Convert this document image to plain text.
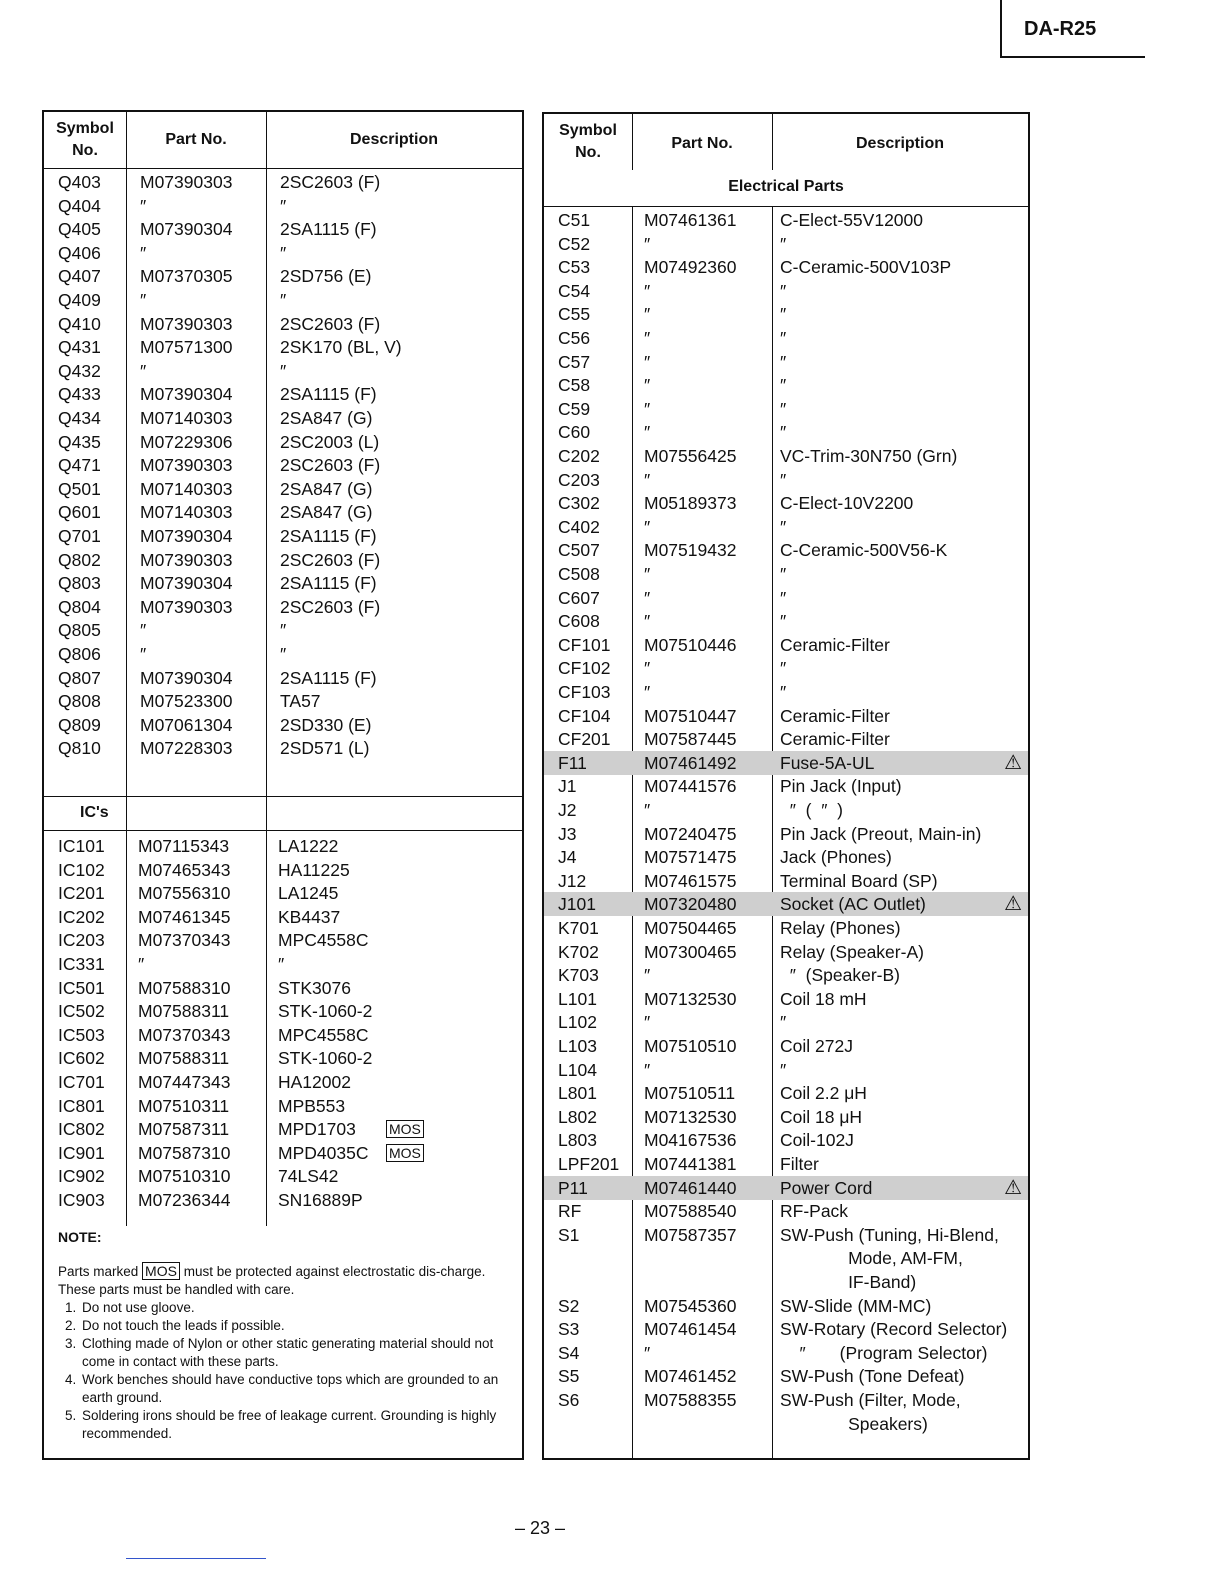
DA-R25
Symbol
No.
Part No.	Description
Q403 M07390303	2SC2603 (F)
Q404 ″	″
Q405 M07390304	2SA1115 (F)
Q406 ″	″
Q407 M07370305	2SD756 (E)
Q409 ″	″
Q410 M07390303	2SC2603 (F)
Q431 M07571300	2SK170 (BL, V)
Q432 ″	″
Q433 M07390304	2SA1115 (F)
Q434 M07140303	2SA847 (G)
Q435 M07229306	2SC2003 (L)
Q471 M07390303	2SC2603 (F)
Q501 M07140303	2SA847 (G)
Q601 M07140303	2SA847 (G)
Q701 M07390304	2SA1115 (F)
Q802 M07390303	2SC2603 (F)
Q803 M07390304	2SA1115 (F)
Q804 M07390303	2SC2603 (F)
Q805 ″	″
Q806 ″	″
Q807 M07390304	2SA1115 (F)
Q808 M07523300	TA57
Q809 M07061304	2SD330 (E)
Q810 M07228303	2SD571 (L)
IC's
IC101 M07115343	LA1222
IC102 M07465343	HA11225
IC201 M07556310	LA1245
IC202 M07461345	KB4437
IC203 M07370343	MPC4558C
IC331 ″	″
IC501 M07588310	STK3076
IC502 M07588311	STK-1060-2
IC503 M07370343	MPC4558C
IC602 M07588311	STK-1060-2
IC701 M07447343	HA12002
IC801 M07510311	MPB553
IC802 M07587311	MPD1703 MOS
IC901 M07587310	MPD4035C MOS
IC902 M07510310	74LS42
IC903 M07236344	SN16889P
NOTE:
Parts marked MOS must be protected against electrostatic dis-charge. These parts must be handled with care.
1. Do not use gloove.
2. Do not touch the leads if possible.
3. Clothing made of Nylon or other static generating material should not come in contact with these parts.
4. Work benches should have conductive tops which are grounded to an earth ground.
5. Soldering irons should be free of leakage current. Grounding is highly recommended.
Symbol
No.
Part No.	Description
Electrical Parts
C51	M07461361 C-Elect-55V12000
C52	″	″
C53	M07492360 C-Ceramic-500V103P
C54	″	″
C55	″	″
C56	″	″
C57	″	″
C58	″	″
C59	″	″
C60	″	″
C202	M07556425 VC-Trim-30N750 (Grn)
C203	″	″
C302	M05189373 C-Elect-10V2200
C402	″	″
C507	M07519432 C-Ceramic-500V56-K
C508	″	″
C607	″	″
C608	″	″
CF101 M07510446 Ceramic-Filter
CF102 ″	″
CF103 ″	″
CF104 M07510447 Ceramic-Filter
CF201 M07587445 Ceramic-Filter
F11	M07461492 Fuse-5A-UL	⚠
J1	M07441576 Pin Jack (Input)
J2	″	″  (  ″  )
J3	M07240475 Pin Jack (Preout, Main-in)
J4	M07571475 Jack (Phones)
J12	M07461575 Terminal Board (SP)
J101	M07320480 Socket (AC Outlet)	⚠
K701	M07504465 Relay (Phones)
K702	M07300465 Relay (Speaker-A)
K703	″	″  (Speaker-B)
L101	M07132530 Coil 18 mH
L102	″	″
L103	M07510510 Coil 272J
L104	″	″
L801	M07510511	Coil 2.2 μH
L802	M07132530 Coil 18 μH
L803	M04167536 Coil-102J
LPF201 M07441381 Filter
P11	M07461440 Power Cord	⚠
RF	M07588540 RF-Pack
S1	M07587357 SW-Push (Tuning, Hi-Blend,
Mode, AM-FM,
IF-Band)
S2	M07545360 SW-Slide (MM-MC)
S3	M07461454 SW-Rotary (Record Selector)
S4	″	″       (Program Selector)
S5	M07461452 SW-Push (Tone Defeat)
S6	M07588355 SW-Push (Filter, Mode,
Speakers)
– 23 –
